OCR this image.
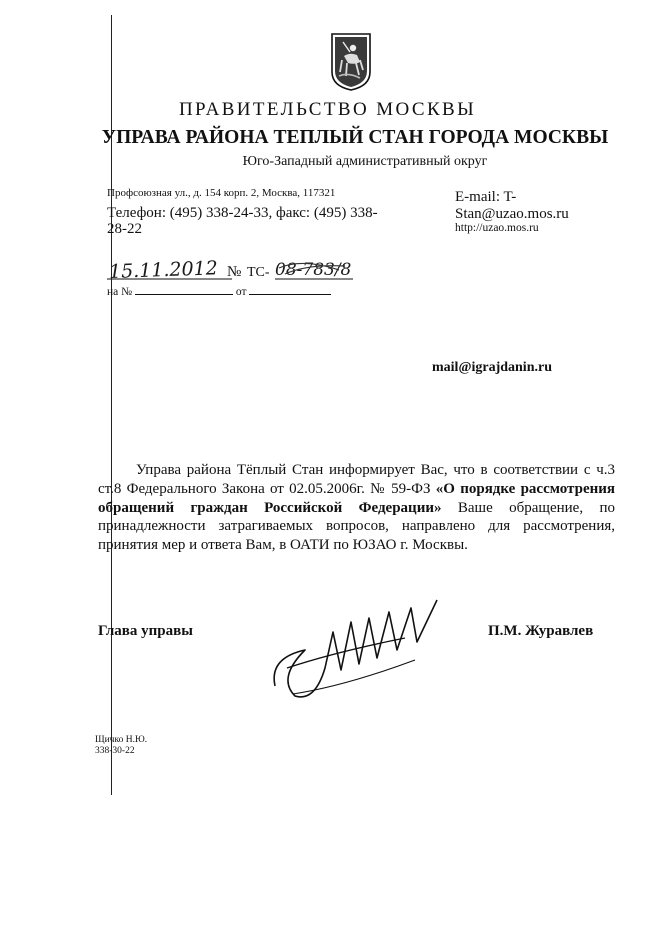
ПРАВИТЕЛЬСТВО МОСКВЫ
УПРАВА РАЙОНА ТЕПЛЫЙ СТАН ГОРОДА МОСКВЫ
Юго-Западный административный округ
Профсоюзная ул., д. 154 корп. 2, Москва, 117321
Телефон: (495) 338-24-33, факс: (495) 338-28-22
E-mail: T-Stan@uzao.mos.ru
http://uzao.mos.ru
15.11.2012 № ТС- 08-783/8
на №	от
mail@igrajdanin.ru
Управа района Тёплый Стан информирует Вас, что в соответствии с ч.3 ст.8 Федерального Закона от 02.05.2006г. № 59-ФЗ «О порядке рассмотрения обращений граждан Российской Федерации» Ваше обращение, по принадлежности затрагиваемых вопросов, направлено для рассмотрения, принятия мер и ответа Вам, в ОАТИ по ЮЗАО г. Москвы.
Глава управы	П.М. Журавлев
Щичко Н.Ю.
338-30-22
